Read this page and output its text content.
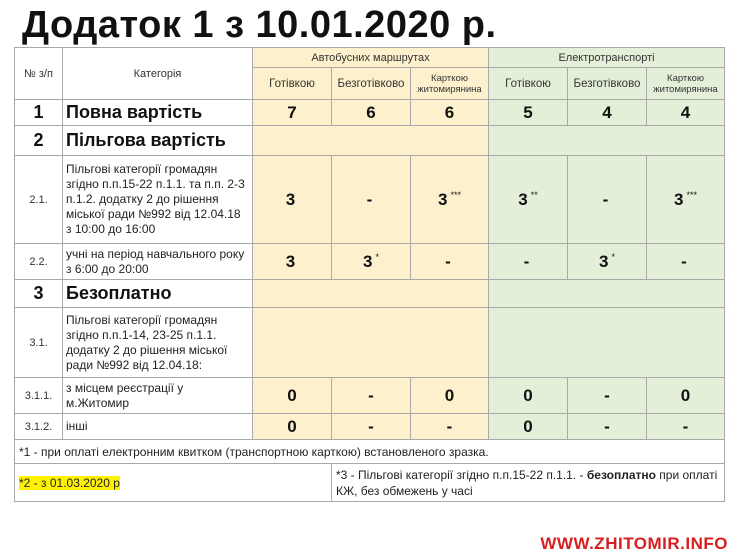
Додаток 1 з 10.01.2020 р.
№ з/п	Категорія	Автобусних маршрутах			Електротранспорті		
		Готівкою	Безготівково	Карткою житомирянина	Готівкою	Безготівково	Карткою житомирянина
1	Повна вартість	7	6	6	5	4	4
2	Пільгова вартість						
2.1.	Пільгові категорії громадян згідно п.п.15-22 п.1.1. та п.п. 2-3 п.1.2. додатку 2 до рішення міської ради №992 від 12.04.18 з 10:00 до 16:00	3	-	3 ***	3 **	-	3 ***
2.2.	учні на період навчального року з 6:00 до 20:00	3	3 *	-	-	3 *	-
3	Безоплатно						
3.1.	Пільгові категорії громадян згідно п.п.1-14, 23-25 п.1.1. додатку 2 до рішення міської ради №992 від 12.04.18:						
3.1.1.	з місцем реєстрації у м.Житомир	0	-	0	0	-	0
3.1.2.	інші	0	-	-	0	-	-
*1 - при оплаті електронним квитком (транспортною карткою) встановленого зразка.							
*2 - з 01.03.2020 р			*3 - Пільгові категорії згідно п.п.15-22 п.1.1. - безоплатно при оплаті КЖ, без обмежень у часі				
WWW.ZHITOMIR.INFO
